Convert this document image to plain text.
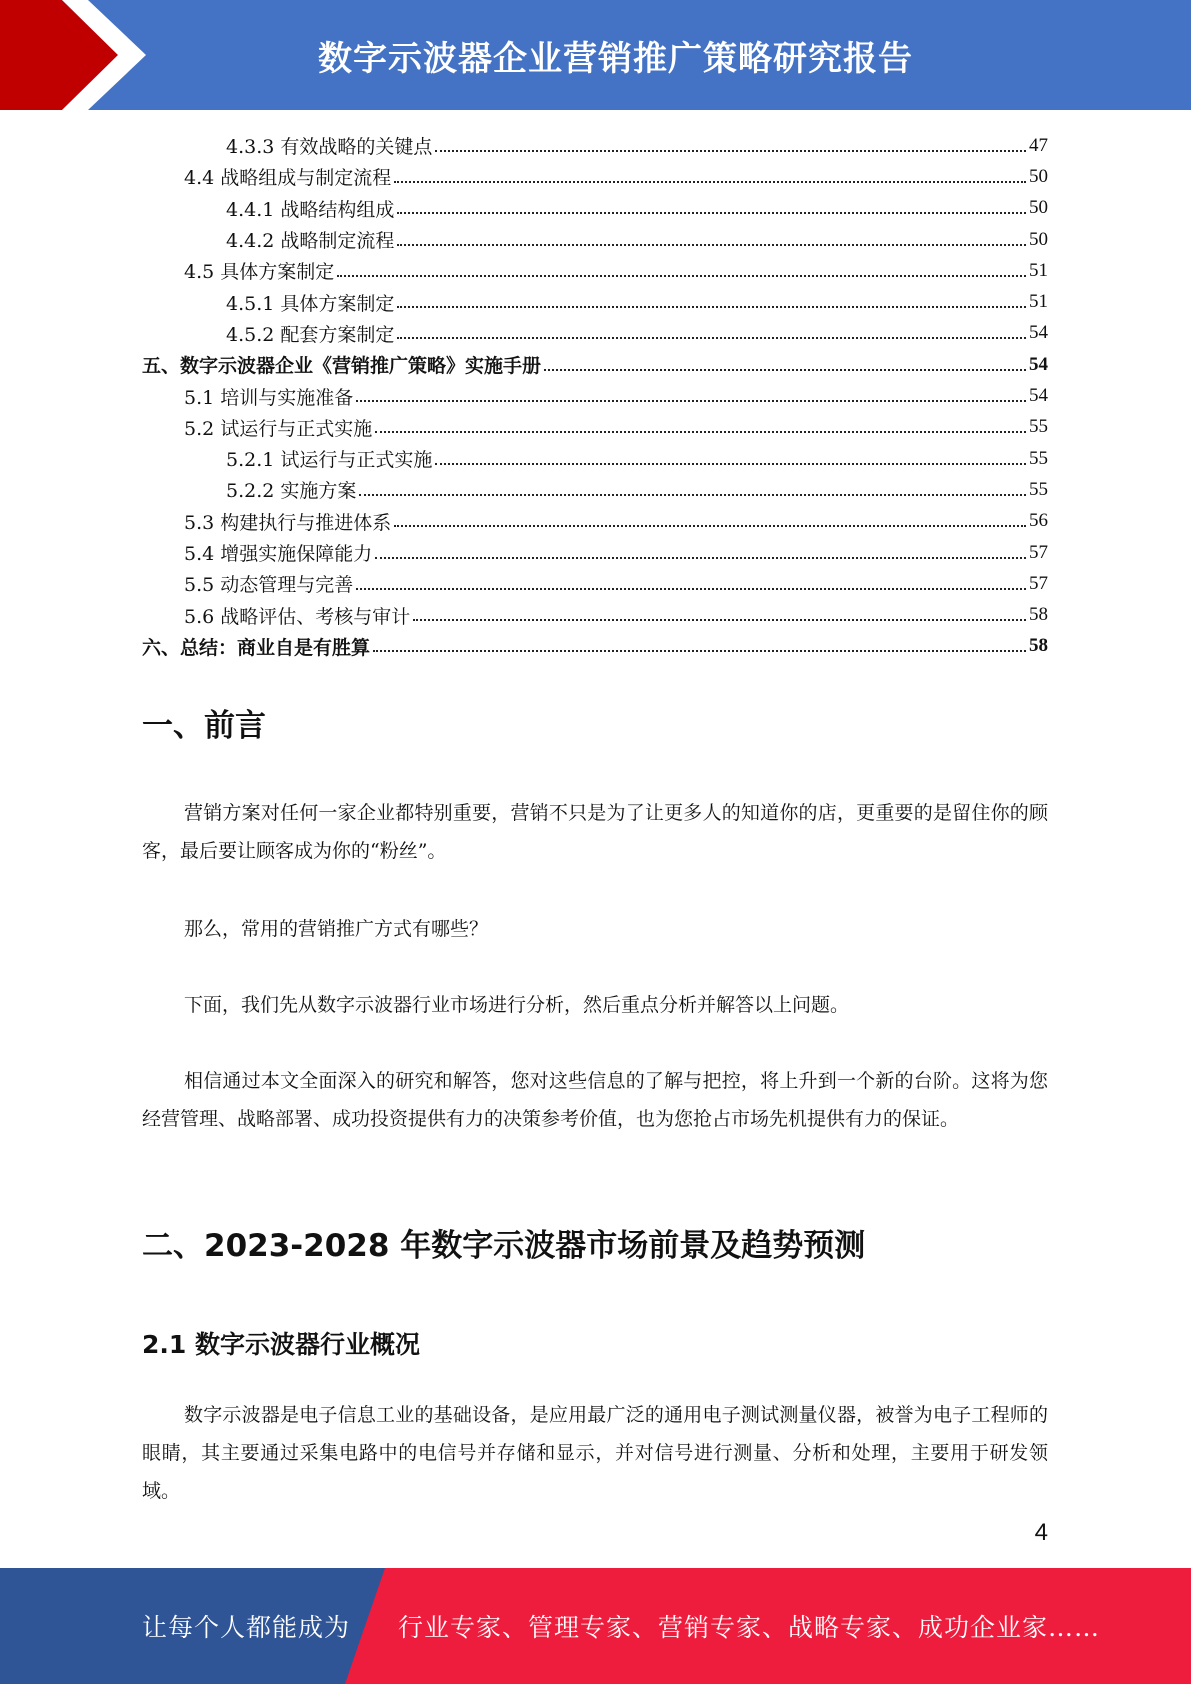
数字示波器企业营销推广策略研究报告
4.3.3 有效战略的关键点	47
4.4 战略组成与制定流程	50
4.4.1 战略结构组成	50
4.4.2 战略制定流程	50
4.5 具体方案制定	51
4.5.1 具体方案制定	51
4.5.2 配套方案制定	54
五、数字示波器企业《营销推广策略》实施手册	54
5.1 培训与实施准备	54
5.2 试运行与正式实施	55
5.2.1 试运行与正式实施	55
5.2.2 实施方案	55
5.3 构建执行与推进体系	56
5.4 增强实施保障能力	57
5.5 动态管理与完善	57
5.6 战略评估、考核与审计	58
六、总结：商业自是有胜算	58
一、前言

营销方案对任何一家企业都特别重要，营销不只是为了让更多人的知道你的店，更重要的是留住你的顾客，最后要让顾客成为你的“粉丝”。

那么，常用的营销推广方式有哪些？

下面，我们先从数字示波器行业市场进行分析，然后重点分析并解答以上问题。

相信通过本文全面深入的研究和解答，您对这些信息的了解与把控，将上升到一个新的台阶。这将为您经营管理、战略部署、成功投资提供有力的决策参考价值，也为您抢占市场先机提供有力的保证。

二、2023-2028 年数字示波器市场前景及趋势预测
2.1 数字示波器行业概况

数字示波器是电子信息工业的基础设备，是应用最广泛的通用电子测试测量仪器，被誉为电子工程师的眼睛，其主要通过采集电路中的电信号并存储和显示，并对信号进行测量、分析和处理，主要用于研发领域。

4
让每个人都能成为 行业专家、管理专家、营销专家、战略专家、成功企业家……
